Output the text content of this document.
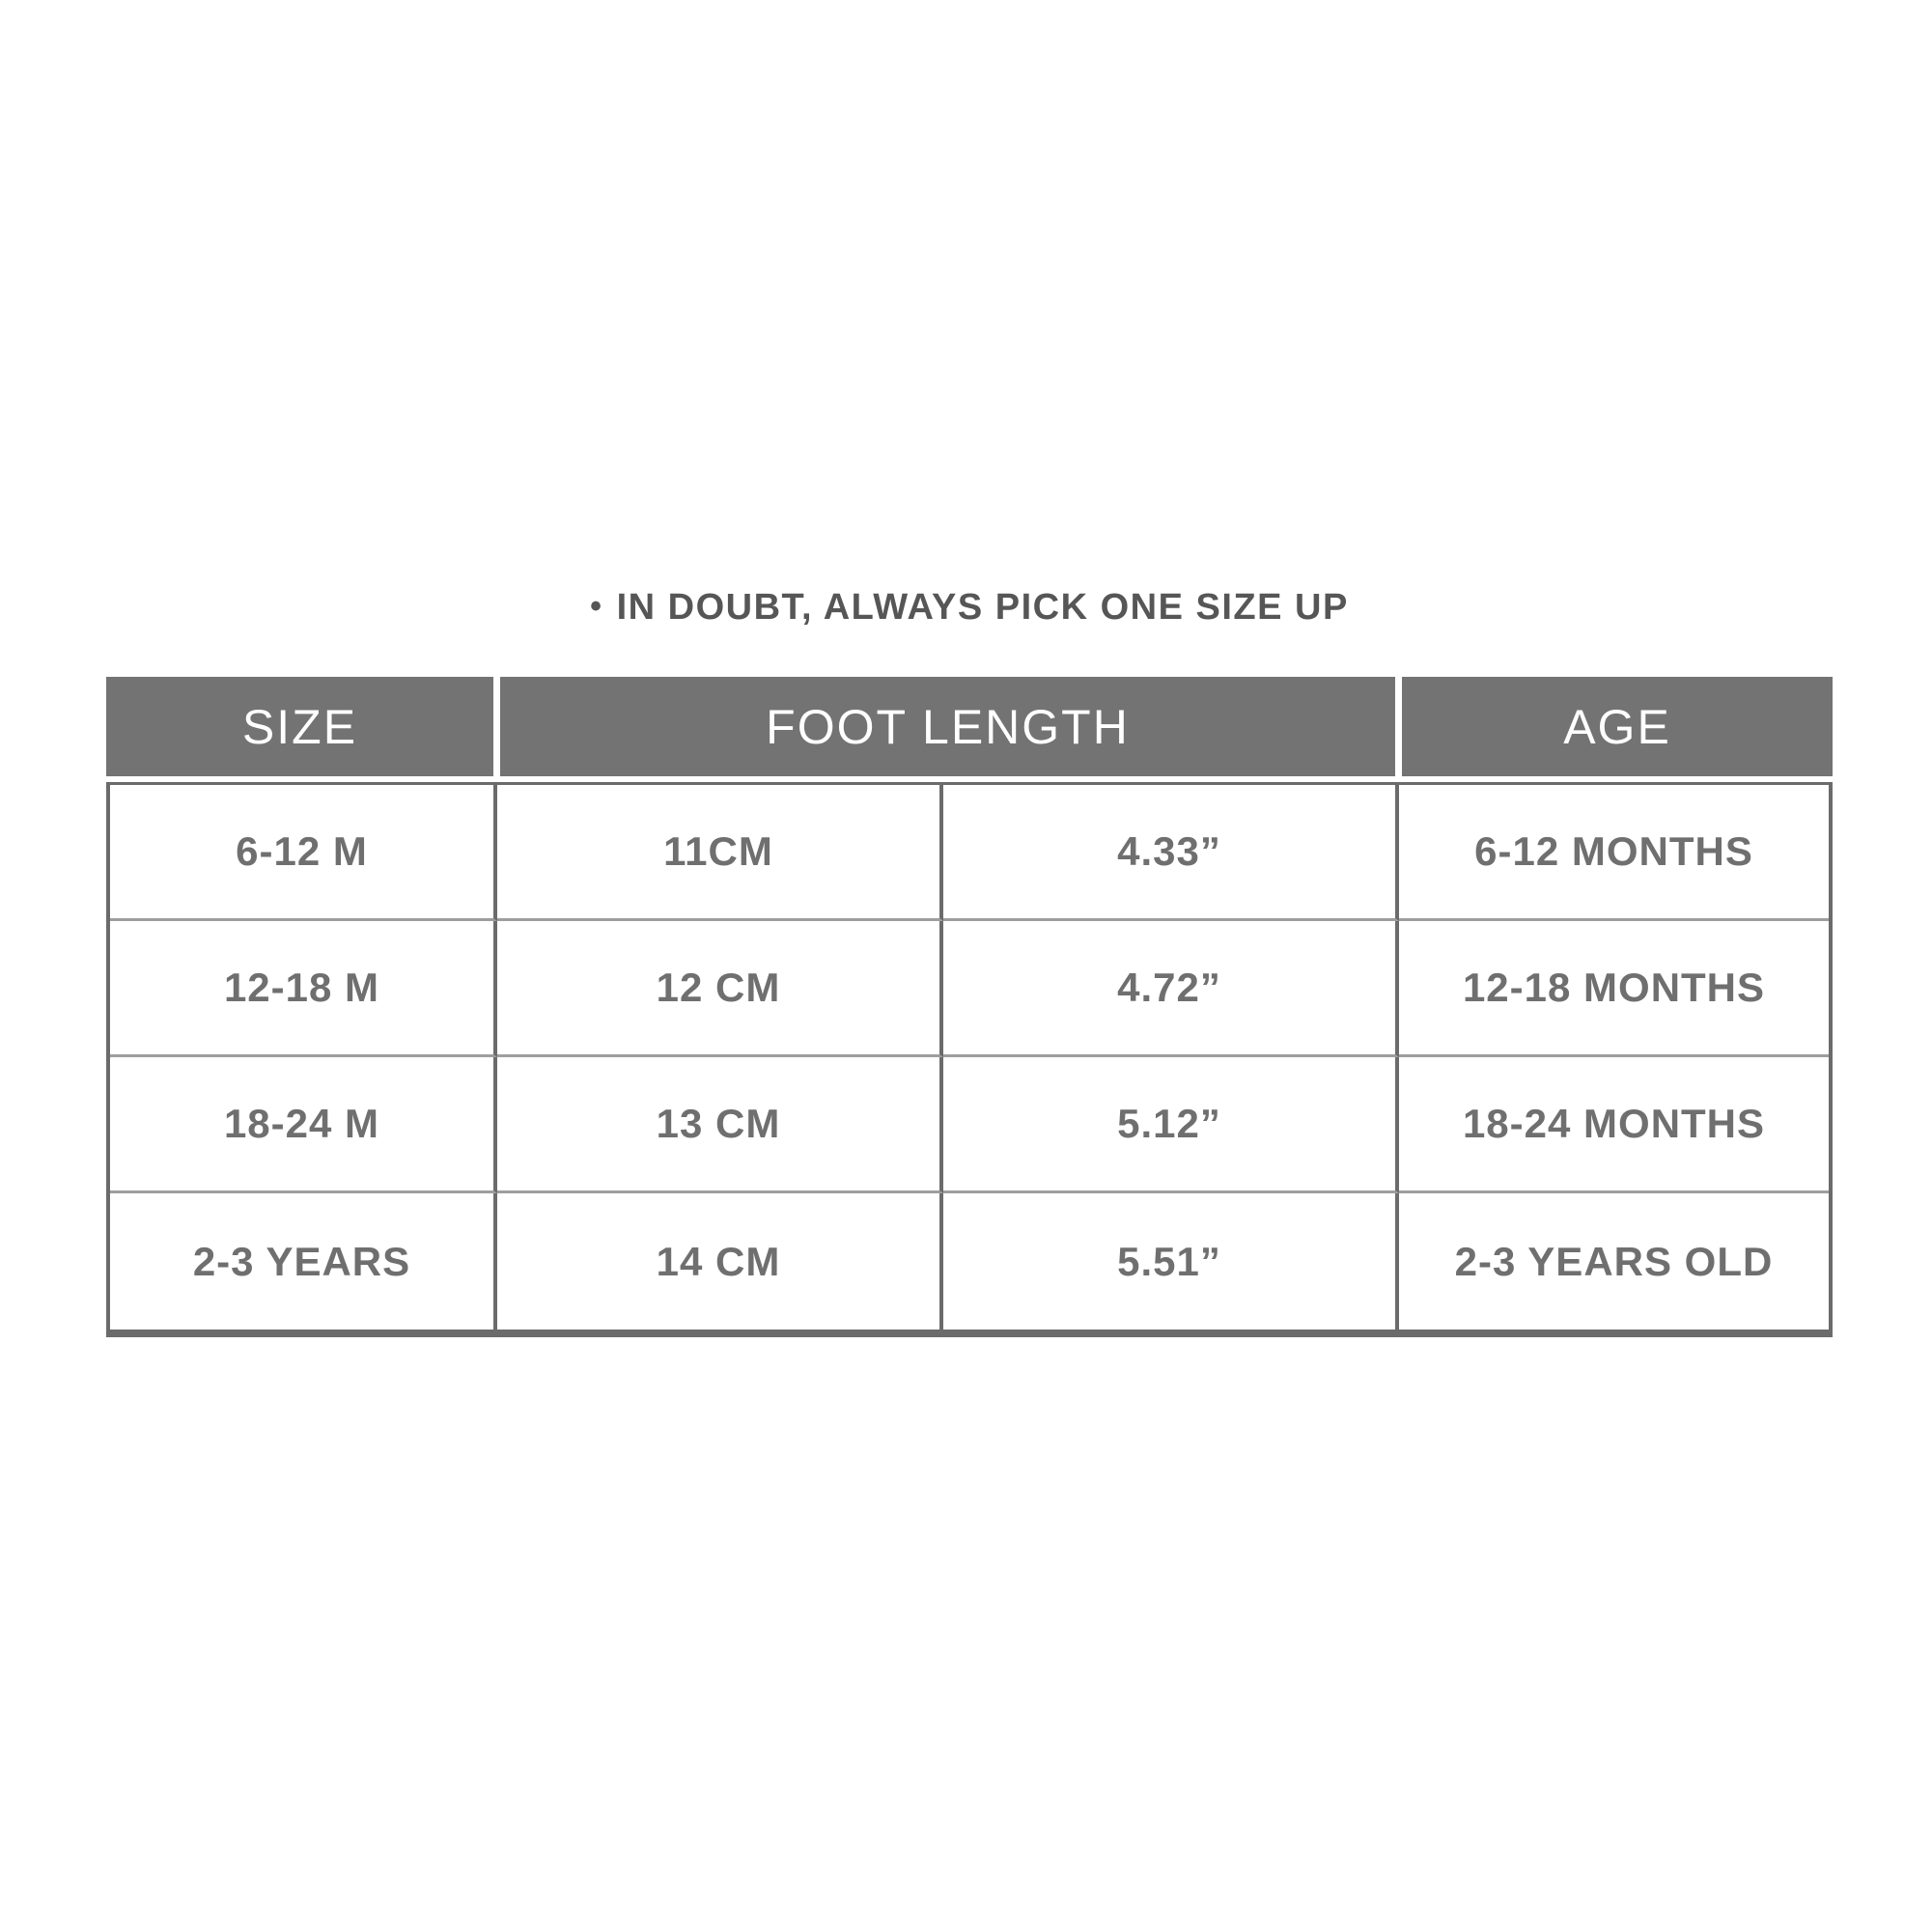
• IN DOUBT, ALWAYS PICK ONE SIZE UP
SIZE	FOOT LENGTH	AGE
6-12 M	11CM	4.33”	6-12 MONTHS
12-18 M	12 CM	4.72”	12-18 MONTHS
18-24 M	13 CM	5.12”	18-24 MONTHS
2-3 YEARS	14 CM	5.51”	2-3 YEARS OLD
